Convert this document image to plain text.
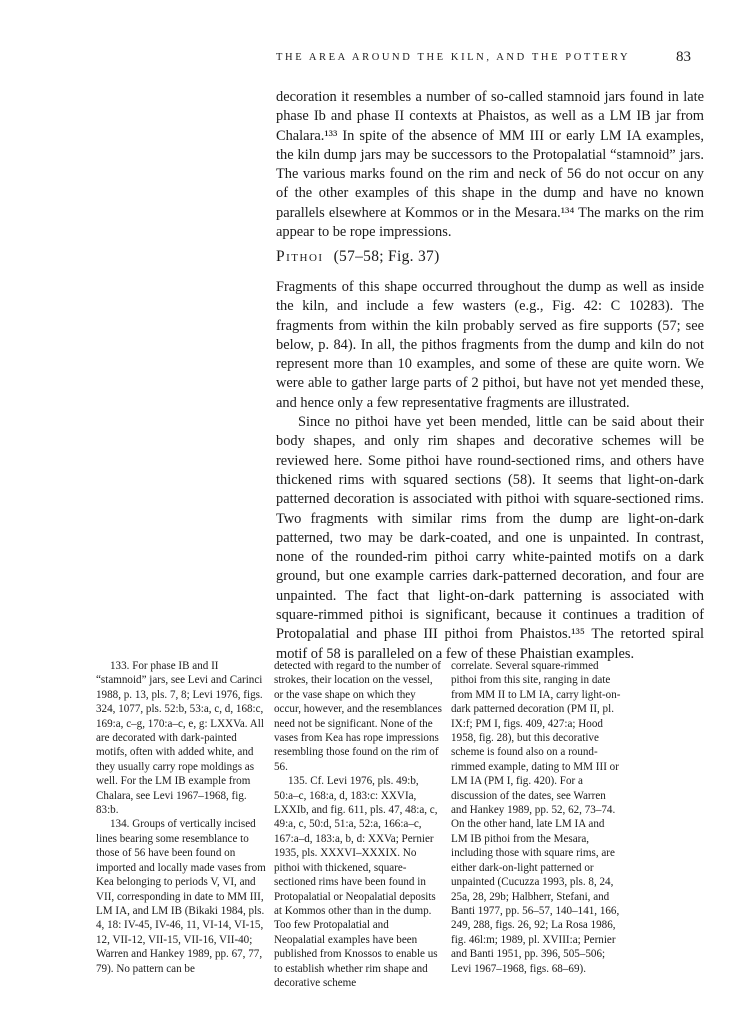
THE AREA AROUND THE KILN, AND THE POTTERY	83

decoration it resembles a number of so-called stamnoid jars found in late phase Ib and phase II contexts at Phaistos, as well as a LM IB jar from Chalara.¹³³ In spite of the absence of MM III or early LM IA examples, the kiln dump jars may be successors to the Protopalatial “stamnoid” jars. The various marks found on the rim and neck of 56 do not occur on any of the other examples of this shape in the dump and have no known parallels elsewhere at Kommos or in the Mesara.¹³⁴ The marks on the rim appear to be rope impressions.

Pithoi (57–58; Fig. 37)

Fragments of this shape occurred throughout the dump as well as inside the kiln, and include a few wasters (e.g., Fig. 42: C 10283). The fragments from within the kiln probably served as fire supports (57; see below, p. 84). In all, the pithos fragments from the dump and kiln do not represent more than 10 examples, and some of these are quite worn. We were able to gather large parts of 2 pithoi, but have not yet mended these, and hence only a few representative fragments are illustrated.

Since no pithoi have yet been mended, little can be said about their body shapes, and only rim shapes and decorative schemes will be reviewed here. Some pithoi have round-sectioned rims, and others have thickened rims with squared sections (58). It seems that light-on-dark patterned decoration is associated with pithoi with square-sectioned rims. Two fragments with similar rims from the dump are light-on-dark patterned, two may be dark-coated, and one is unpainted. In contrast, none of the rounded-rim pithoi carry white-painted motifs on a dark ground, but one example carries dark-patterned decoration, and four are unpainted. The fact that light-on-dark patterning is associated with square-rimmed pithoi is significant, because it continues a tradition of Protopalatial and phase III pithoi from Phaistos.¹³⁵ The retorted spiral motif of 58 is paralleled on a few of these Phaistian examples.

133. For phase IB and II “stamnoid” jars, see Levi and Carinci 1988, p. 13, pls. 7, 8; Levi 1976, figs. 324, 1077, pls. 52:b, 53:a, c, d, 168:c, 169:a, c–g, 170:a–c, e, g: LXXVa. All are decorated with dark-painted motifs, often with added white, and they usually carry rope moldings as well. For the LM IB example from Chalara, see Levi 1967–1968, fig. 83:b.

134. Groups of vertically incised lines bearing some resemblance to those of 56 have been found on imported and locally made vases from Kea belonging to periods V, VI, and VII, corresponding in date to MM III, LM IA, and LM IB (Bikaki 1984, pls. 4, 18: IV-45, IV-46, 11, VI-14, VI-15, 12, VII-12, VII-15, VII-16, VII-40; Warren and Hankey 1989, pp. 67, 77, 79). No pattern can be

detected with regard to the number of strokes, their location on the vessel, or the vase shape on which they occur, however, and the resemblances need not be significant. None of the vases from Kea has rope impressions resembling those found on the rim of 56.

135. Cf. Levi 1976, pls. 49:b, 50:a–c, 168:a, d, 183:c: XXVIa, LXXIb, and fig. 611, pls. 47, 48:a, c, 49:a, c, 50:d, 51:a, 52:a, 166:a–c, 167:a–d, 183:a, b, d: XXVa; Pernier 1935, pls. XXXVI–XXXIX. No pithoi with thickened, square-sectioned rims have been found in Protopalatial or Neopalatial deposits at Kommos other than in the dump. Too few Protopalatial and Neopalatial examples have been published from Knossos to enable us to establish whether rim shape and decorative scheme

correlate. Several square-rimmed pithoi from this site, ranging in date from MM II to LM IA, carry light-on-dark patterned decoration (PM II, pl. IX:f; PM I, figs. 409, 427:a; Hood 1958, fig. 28), but this decorative scheme is found also on a round-rimmed example, dating to MM III or LM IA (PM I, fig. 420). For a discussion of the dates, see Warren and Hankey 1989, pp. 52, 62, 73–74. On the other hand, late LM IA and LM IB pithoi from the Mesara, including those with square rims, are either dark-on-light patterned or unpainted (Cucuzza 1993, pls. 8, 24, 25a, 28, 29b; Halbherr, Stefani, and Banti 1977, pp. 56–57, 140–141, 166, 249, 288, figs. 26, 92; La Rosa 1986, fig. 46l:m; 1989, pl. XVIII:a; Pernier and Banti 1951, pp. 396, 505–506; Levi 1967–1968, figs. 68–69).
